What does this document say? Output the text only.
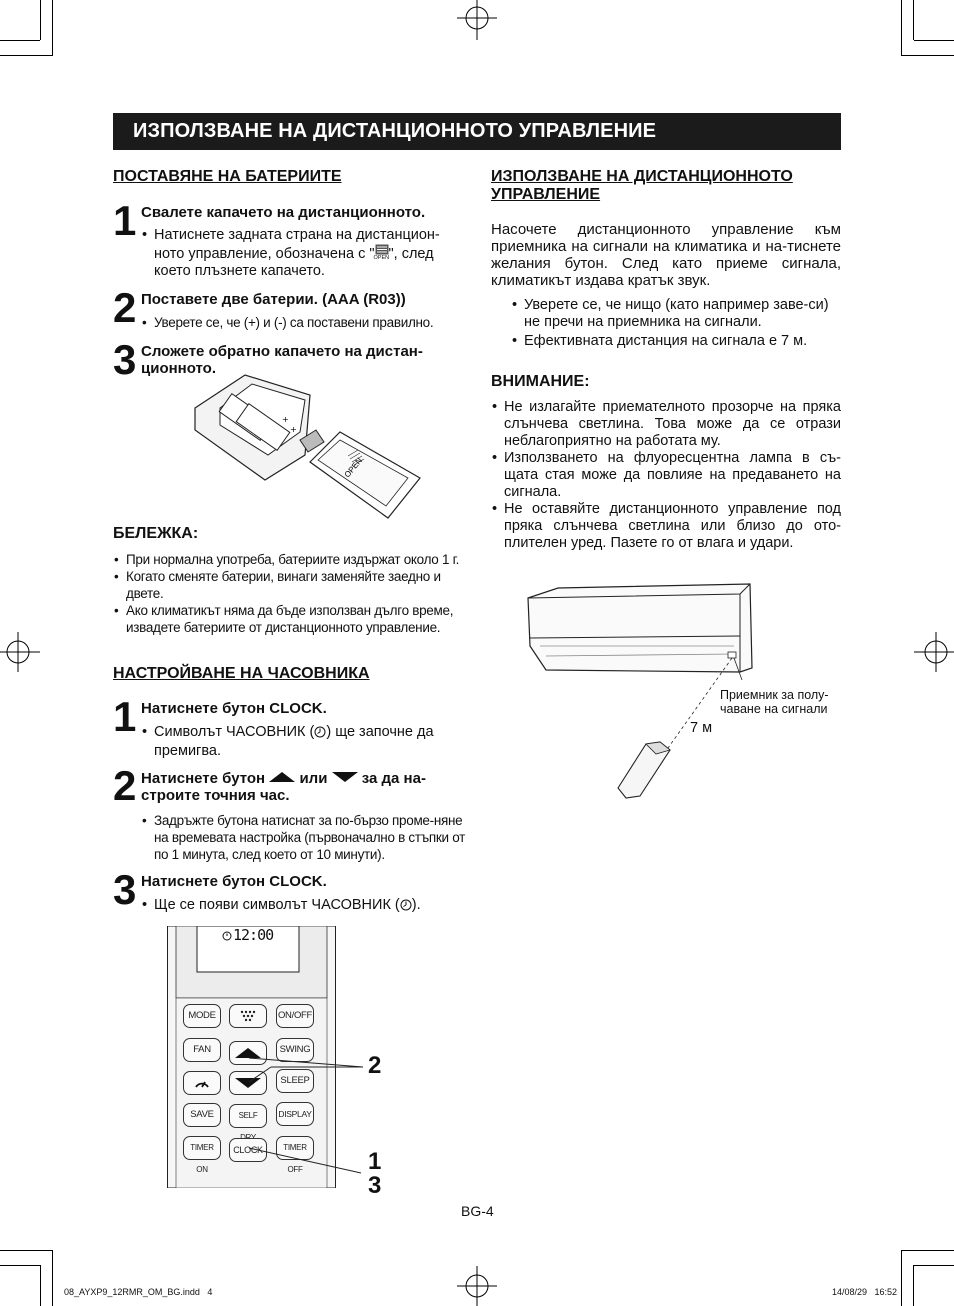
ИЗПОЛЗВАНЕ НА ДИСТАНЦИОННОТО УПРАВЛЕНИЕ
ПОСТАВЯНЕ НА БАТЕРИИТЕ
1 Свалете капачето на дистанционното.
• Натиснете задната страна на дистанцион-ното управление, обозначена с " OPEN ", след което плъзнете капачето.
2 Поставете две батерии. (AAA (R03))
• Уверете се, че (+) и (-) са поставени правилно.
3 Сложете обратно капачето на дистан-ционното.
+
+
OPEN
БЕЛЕЖКА:
• При нормална употреба, батериите издържат около 1 г.
• Когато сменяте батерии, винаги заменяйте заедно и двете.
• Ако климатикът няма да бъде използван дълго време, извадете батериите от дистанционното управление.
НАСТРОЙВАНЕ НА ЧАСОВНИКА
1 Натиснете бутон CLOCK.
• Символът ЧАСОВНИК ( ) ще започне да премигва.
2 Натиснете бутон  или  за да на-строите точния час.
• Задръжте бутона натиснат за по-бързо проме-няне на времевата настройка (първоначално в стъпки от по 1 минута, след което от 10 минути).
3 Натиснете бутон CLOCK.
• Ще се появи символът ЧАСОВНИК ( ).
12:00
MODE	ON/OFF
FAN	SWING
SLEEP
SAVE	SELF	DISPLAY
TIMER ON
CLOCK	TIMER OFF
2
1
3
ИЗПОЛЗВАНЕ НА ДИСТАНЦИОННОТО УПРАВЛЕНИЕ
Насочете дистанционното управление към приемника на сигнали на климатика и на-тиснете желания бутон. След като приеме сигнала, климатикът издава кратък звук.
• Уверете се, че нищо (като например заве-си) не пречи на приемника на сигнали.
• Ефективната дистанция на сигнала е 7 м.
ВНИМАНИЕ:
• Не излагайте приемателното прозорче на пряка слънчева светлина. Това може да се отрази неблагоприятно на работата му.
• Използването на флуоресцентна лампа в съ-щата стая може да повлияе на предаването на сигнала.
• Не оставяйте дистанционното управление под пряка слънчева светлина или близо до ото-плителен уред. Пазете го от влага и удари.
Приемник за полу-чаване на сигнали
7 м
BG-4
08_AYXP9_12RMR_OM_BG.indd   4	14/08/29   16:52
